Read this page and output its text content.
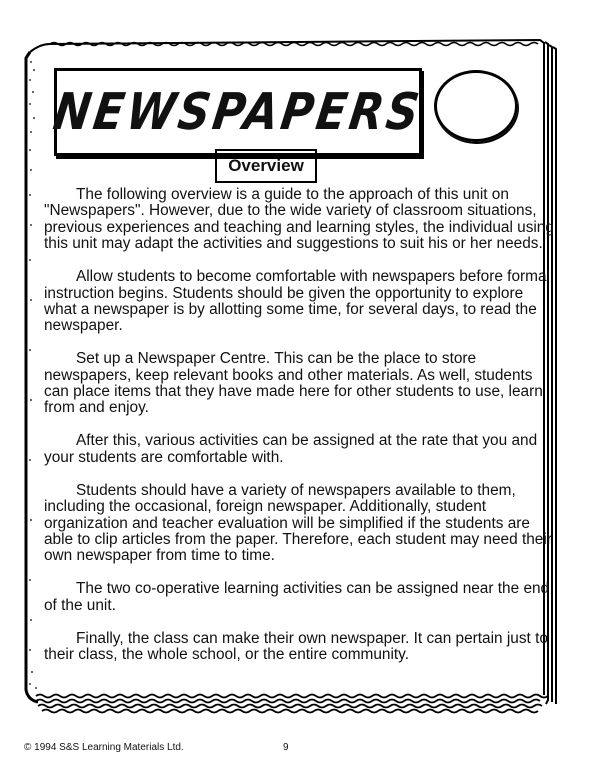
NEWSPAPERS
Overview

The following overview is a guide to the approach of this unit on "Newspapers". However, due to the wide variety of classroom situations, previous experiences and teaching and learning styles, the individual using this unit may adapt the activities and suggestions to suit his or her needs.

Allow students to become comfortable with newspapers before formal instruction begins. Students should be given the opportunity to explore what a newspaper is by allotting some time, for several days, to read the newspaper.

Set up a Newspaper Centre. This can be the place to store newspapers, keep relevant books and other materials. As well, students can place items that they have made here for other students to use, learn from and enjoy.

After this, various activities can be assigned at the rate that you and your students are comfortable with.

Students should have a variety of newspapers available to them, including the occasional, foreign newspaper. Additionally, student organization and teacher evaluation will be simplified if the students are able to clip articles from the paper. Therefore, each student may need their own newspaper from time to time.

The two co-operative learning activities can be assigned near the end of the unit.

Finally, the class can make their own newspaper. It can pertain just to their class, the whole school, or the entire community.

© 1994 S&S Learning Materials Ltd.	9
